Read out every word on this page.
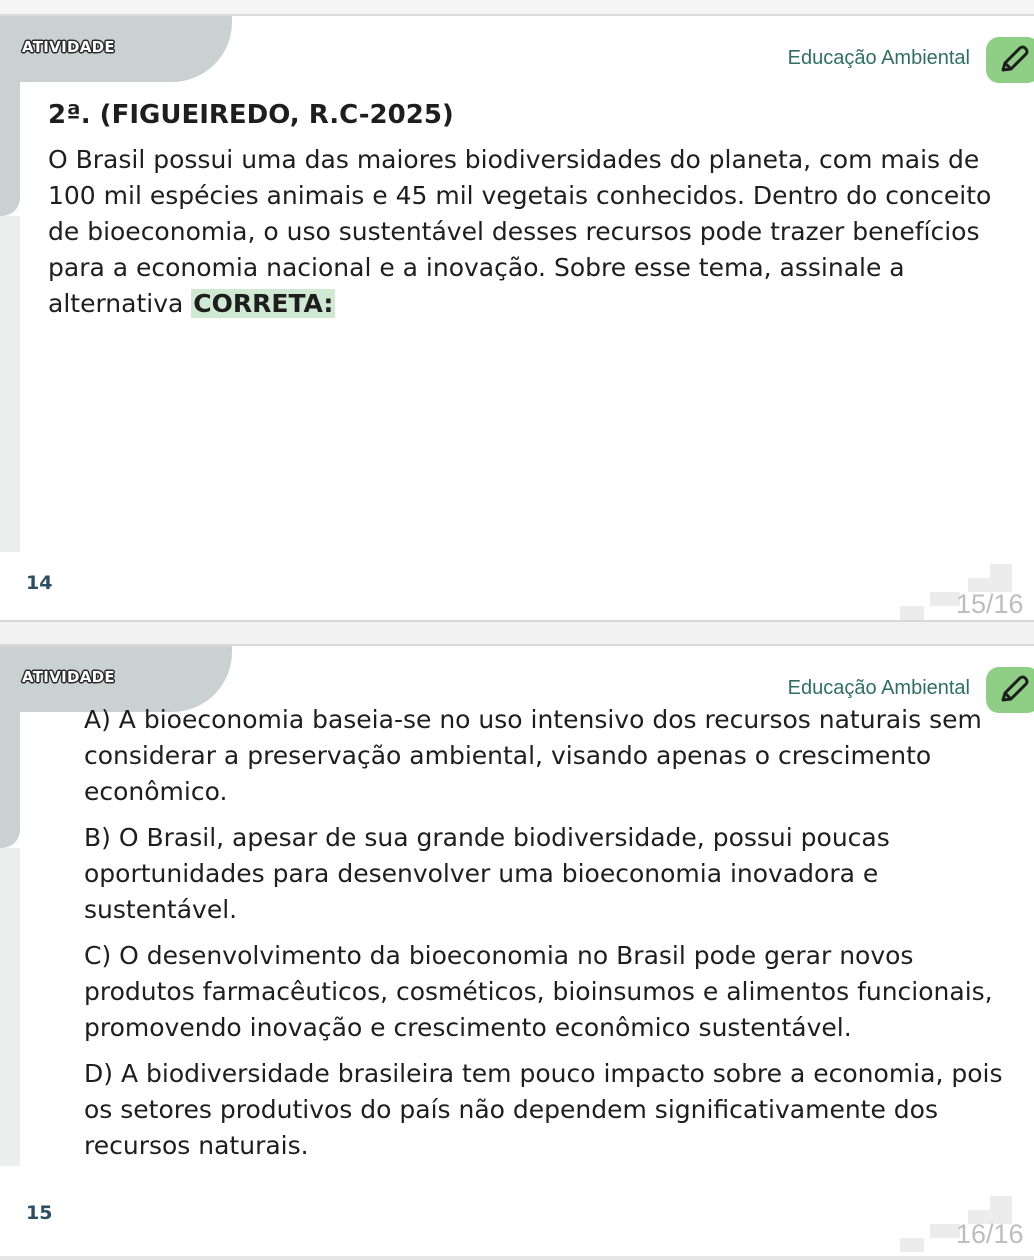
ATIVIDADE	Educação Ambiental
2ª. (FIGUEIREDO, R.C-2025)
O Brasil possui uma das maiores biodiversidades do planeta, com mais de 100 mil espécies animais e 45 mil vegetais conhecidos. Dentro do conceito de bioeconomia, o uso sustentável desses recursos pode trazer benefícios para a economia nacional e a inovação. Sobre esse tema, assinale a alternativa CORRETA:
14
15/16
ATIVIDADE	Educação Ambiental
A) A bioeconomia baseia-se no uso intensivo dos recursos naturais sem considerar a preservação ambiental, visando apenas o crescimento econômico.
B) O Brasil, apesar de sua grande biodiversidade, possui poucas oportunidades para desenvolver uma bioeconomia inovadora e sustentável.
C) O desenvolvimento da bioeconomia no Brasil pode gerar novos produtos farmacêuticos, cosméticos, bioinsumos e alimentos funcionais, promovendo inovação e crescimento econômico sustentável.
D) A biodiversidade brasileira tem pouco impacto sobre a economia, pois os setores produtivos do país não dependem significativamente dos recursos naturais.
15
16/16
